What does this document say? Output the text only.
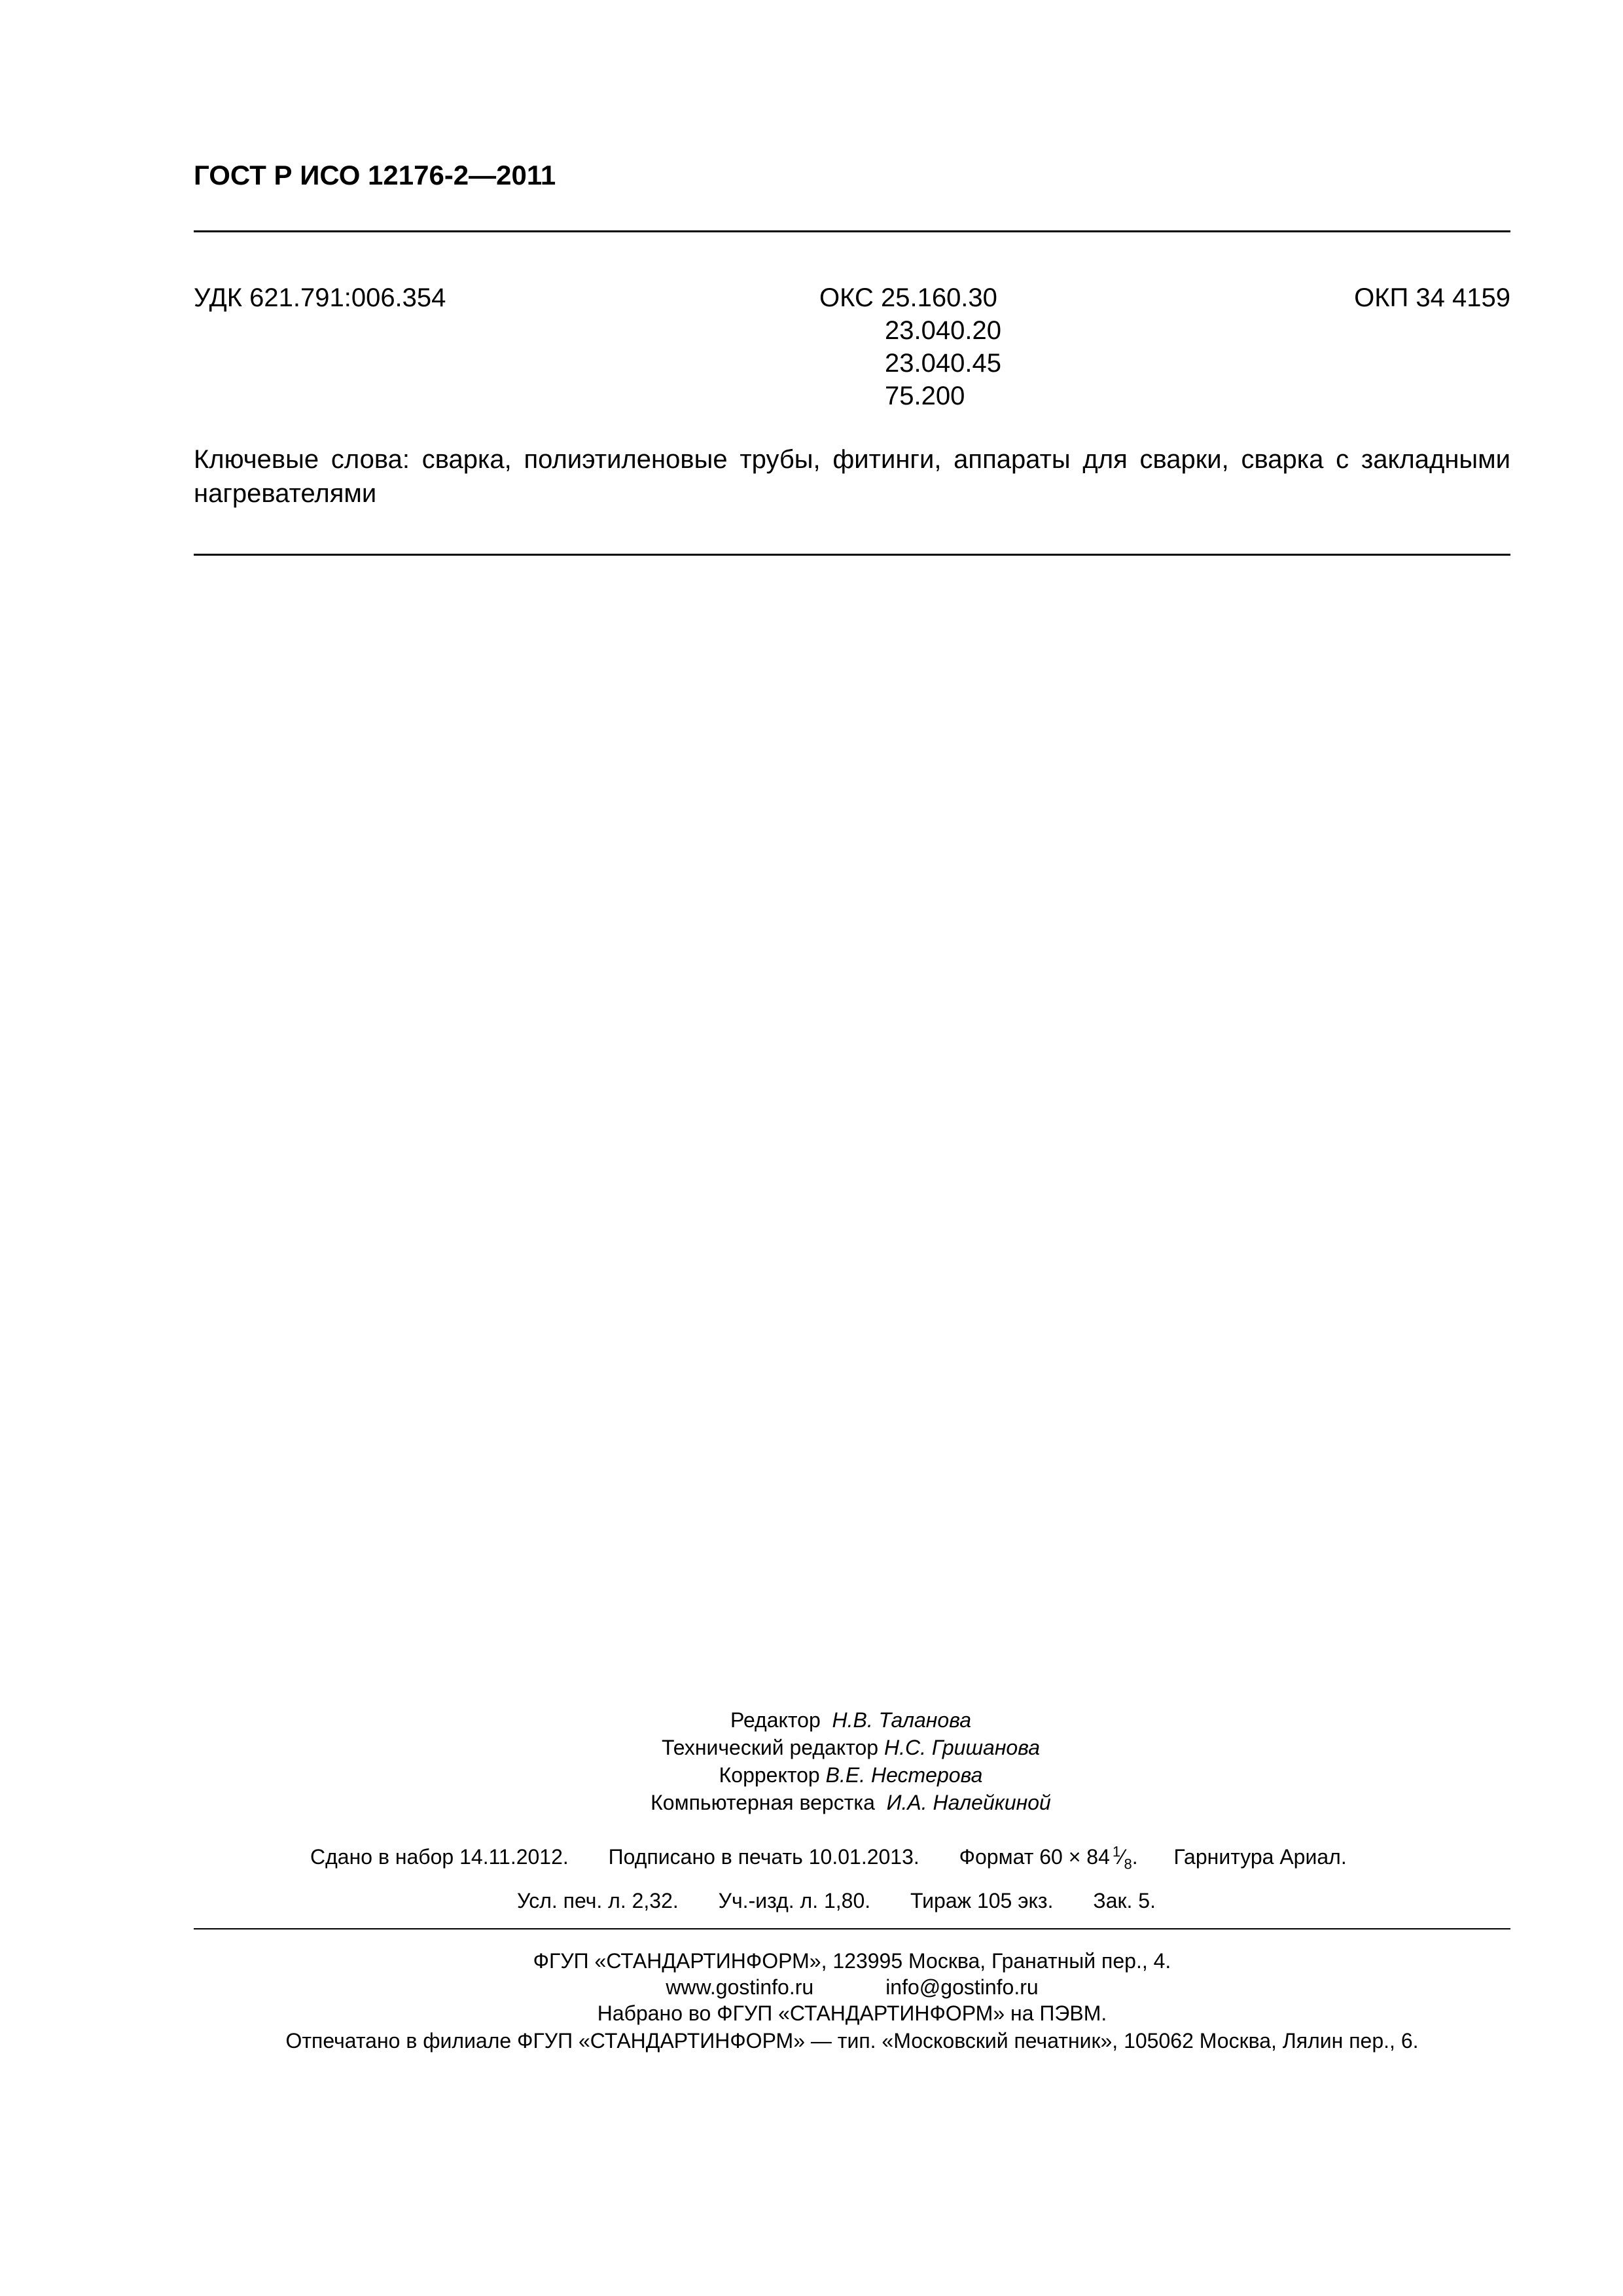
ГОСТ Р ИСО 12176-2—2011
УДК 621.791:006.354	ОКС 25.160.30
23.040.20
23.040.45
75.200
ОКП 34 4159
Ключевые слова: сварка, полиэтиленовые трубы, фитинги, аппараты для сварки, сварка с закладными нагревателями
Редактор Н.В. Таланова
Технический редактор Н.С. Гришанова
Корректор В.Е. Нестерова
Компьютерная верстка И.А. Налейкиной
Сдано в набор 14.11.2012. Подписано в печать 10.01.2013. Формат 60 × 84 $^1⁄_8$. Гарнитура Ариал.
Усл. печ. л. 2,32. Уч.-изд. л. 1,80. Тираж 105 экз. Зак. 5.
ФГУП «СТАНДАРТИНФОРМ», 123995 Москва, Гранатный пер., 4.
www.gostinfo.ru	info@gostinfo.ru
Набрано во ФГУП «СТАНДАРТИНФОРМ» на ПЭВМ.
Отпечатано в филиале ФГУП «СТАНДАРТИНФОРМ» — тип. «Московский печатник», 105062 Москва, Лялин пер., 6.
